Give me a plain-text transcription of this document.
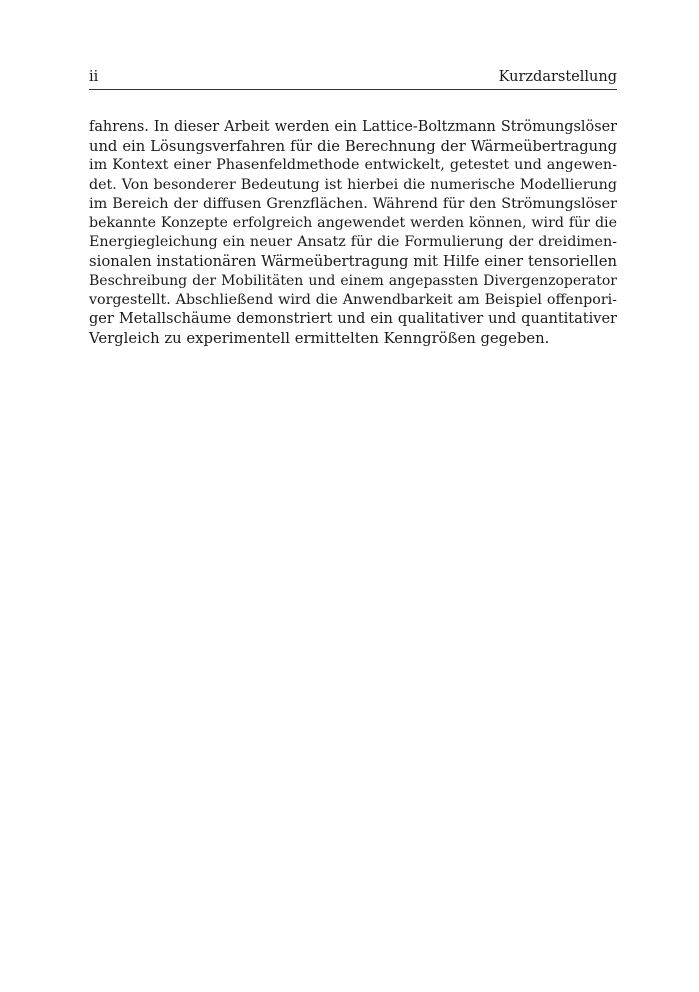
ii	Kurzdarstellung

fahrens. In dieser Arbeit werden ein Lattice-Boltzmann Strömungslöser
und ein Lösungsverfahren für die Berechnung der Wärmeübertragung
im Kontext einer Phasenfeldmethode entwickelt, getestet und angewen-
det. Von besonderer Bedeutung ist hierbei die numerische Modellierung
im Bereich der diffusen Grenzflächen. Während für den Strömungslöser
bekannte Konzepte erfolgreich angewendet werden können, wird für die
Energiegleichung ein neuer Ansatz für die Formulierung der dreidimen-
sionalen instationären Wärmeübertragung mit Hilfe einer tensoriellen
Beschreibung der Mobilitäten und einem angepassten Divergenzoperator
vorgestellt. Abschließend wird die Anwendbarkeit am Beispiel offenpori-
ger Metallschäume demonstriert und ein qualitativer und quantitativer
Vergleich zu experimentell ermittelten Kenngrößen gegeben.
